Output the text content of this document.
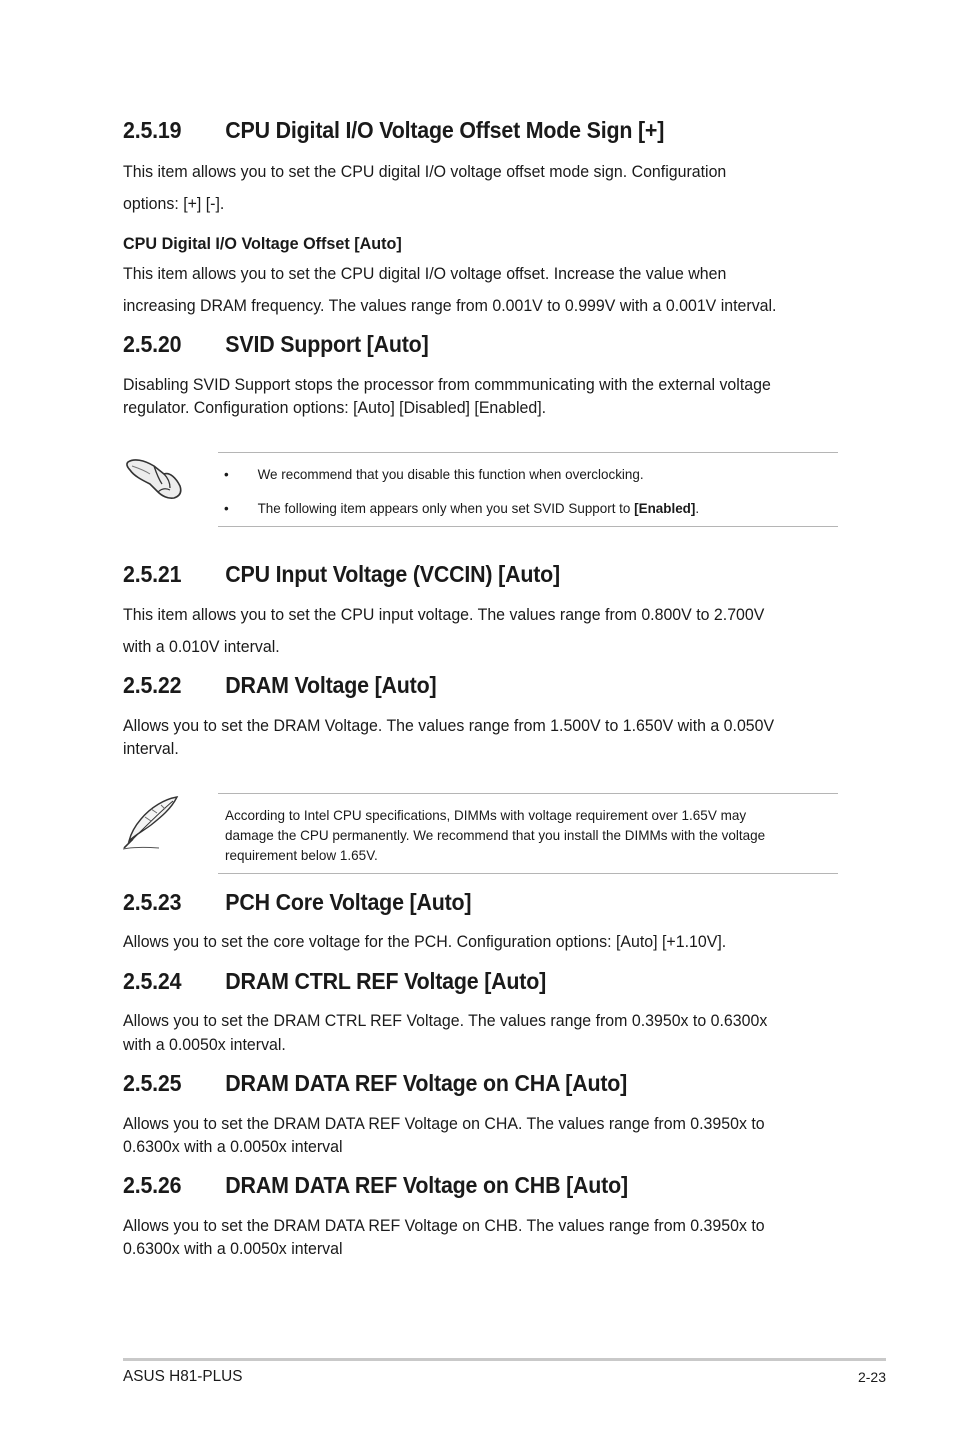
2.5.19 CPU Digital I/O Voltage Offset Mode Sign [+]
This item allows you to set the CPU digital I/O voltage offset mode sign. Configuration
options: [+] [-].
CPU Digital I/O Voltage Offset [Auto]
This item allows you to set the CPU digital I/O voltage offset. Increase the value when
increasing DRAM frequency. The values range from 0.001V to 0.999V with a 0.001V interval.
2.5.20 SVID Support [Auto]
Disabling SVID Support stops the processor from commmunicating with the external voltage
regulator. Configuration options: [Auto] [Disabled] [Enabled].
• We recommend that you disable this function when overclocking.
• The following item appears only when you set SVID Support to [Enabled].
2.5.21 CPU Input Voltage (VCCIN) [Auto]
This item allows you to set the CPU input voltage. The values range from 0.800V to 2.700V
with a 0.010V interval.
2.5.22 DRAM Voltage [Auto]
Allows you to set the DRAM Voltage. The values range from 1.500V to 1.650V with a 0.050V
interval.
According to Intel CPU specifications, DIMMs with voltage requirement over 1.65V may
damage the CPU permanently. We recommend that you install the DIMMs with the voltage
requirement below 1.65V.
2.5.23 PCH Core Voltage [Auto]
Allows you to set the core voltage for the PCH. Configuration options: [Auto] [+1.10V].
2.5.24 DRAM CTRL REF Voltage [Auto]
Allows you to set the DRAM CTRL REF Voltage. The values range from 0.3950x to 0.6300x
with a 0.0050x interval.
2.5.25 DRAM DATA REF Voltage on CHA [Auto]
Allows you to set the DRAM DATA REF Voltage on CHA. The values range from 0.3950x to
0.6300x with a 0.0050x interval
2.5.26 DRAM DATA REF Voltage on CHB [Auto]
Allows you to set the DRAM DATA REF Voltage on CHB. The values range from 0.3950x to
0.6300x with a 0.0050x interval
ASUS H81-PLUS	2-23
